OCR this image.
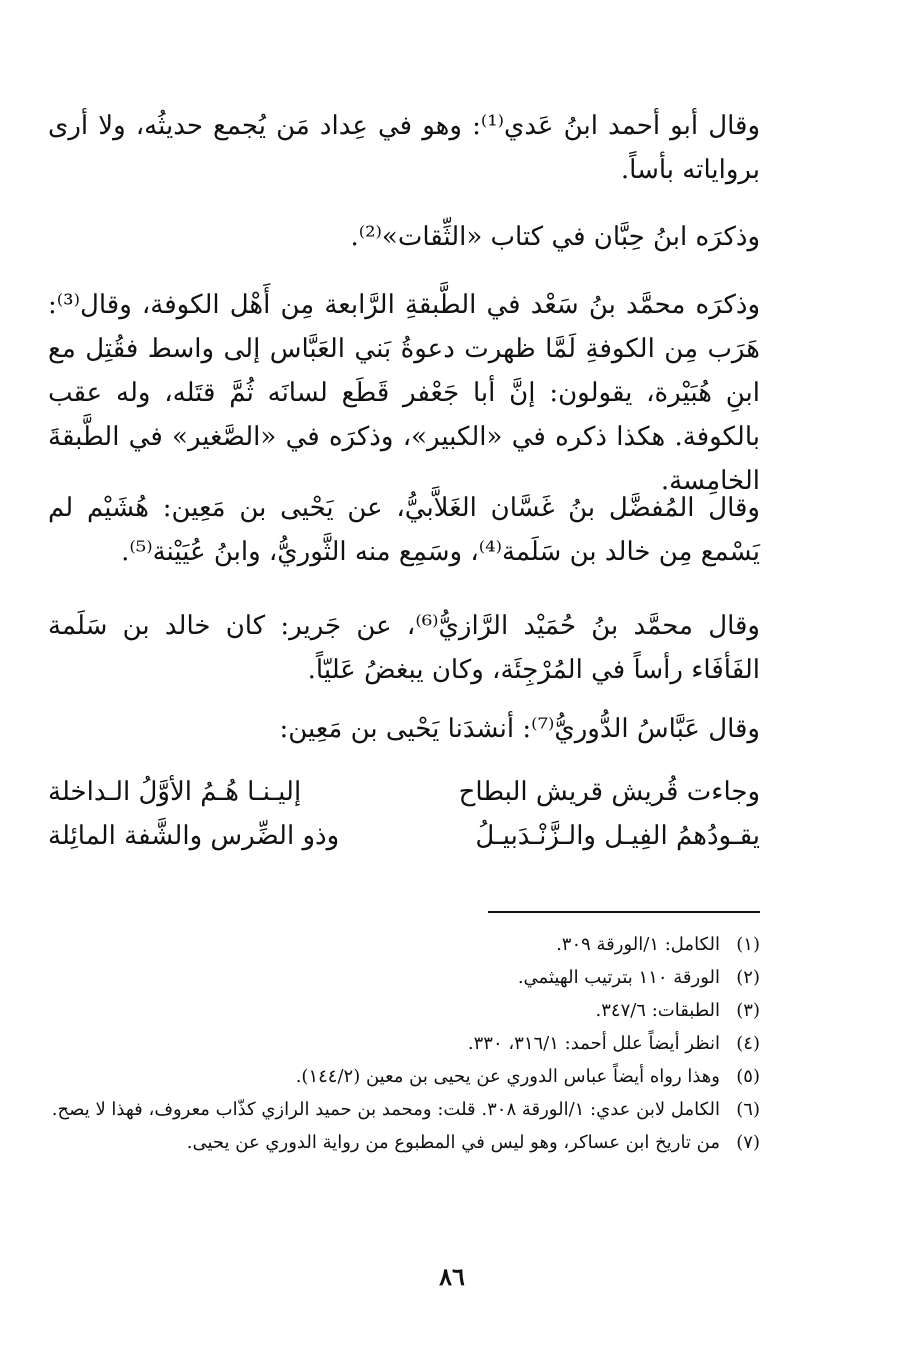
وقال أبو أحمد ابنُ عَدي⁽¹⁾: وهو في عِداد مَن يُجمع حديثُه، ولا أرى برواياته بأساً.
وذكرَه ابنُ حِبَّان في كتاب «الثِّقات»⁽²⁾.
وذكرَه محمَّد بنُ سَعْد في الطَّبقةِ الرَّابعة مِن أَهْل الكوفة، وقال⁽³⁾: هَرَب مِن الكوفةِ لَمَّا ظهرت دعوةُ بَني العَبَّاس إلى واسط فقُتِل مع ابنِ هُبَيْرة، يقولون: إنَّ أبا جَعْفر قَطَع لسانَه ثُمَّ قتَله، وله عقب بالكوفة. هكذا ذكره في «الكبير»، وذكرَه في «الصَّغير» في الطَّبقةَ الخامِسة.
وقال المُفضَّل بنُ غَسَّان الغَلاَّبيُّ، عن يَحْيى بن مَعِين: هُشَيْم لم يَسْمع مِن خالد بن سَلَمة⁽⁴⁾، وسَمِع منه الثَّوريُّ، وابنُ عُيَيْنة⁽⁵⁾.
وقال محمَّد بنُ حُمَيْد الرَّازيُّ⁽⁶⁾، عن جَرير: كان خالد بن سَلَمة الفَأفَاء رأساً في المُرْجِئَة، وكان يبغضُ عَليّاً.
وقال عَبَّاسُ الدُّوريُّ⁽⁷⁾: أنشدَنا يَحْيى بن مَعِين:
وجاءت قُريش قريش البطاح
إليـنـا هُـمُ الأوَّلُ الـداخلة
يقـودُهمُ الفِيـل والـزَّنْـدَبيـلُ
وذو الضِّرس والشَّفة المائِلة
(١)
الكامل: ١/الورقة ٣٠٩.
(٢)
الورقة ١١٠ بترتيب الهيثمي.
(٣)
الطبقات: ٣٤٧/٦.
(٤)
انظر أيضاً علل أحمد: ٣١٦/١، ٣٣٠.
(٥)
وهذا رواه أيضاً عباس الدوري عن يحيى بن معين (١٤٤/٢).
(٦)
الكامل لابن عدي: ١/الورقة ٣٠٨. قلت: ومحمد بن حميد الرازي كذّاب معروف، فهذا لا يصح.
(٧)
من تاريخ ابن عساكر، وهو ليس في المطبوع من رواية الدوري عن يحيى.
٨٦
